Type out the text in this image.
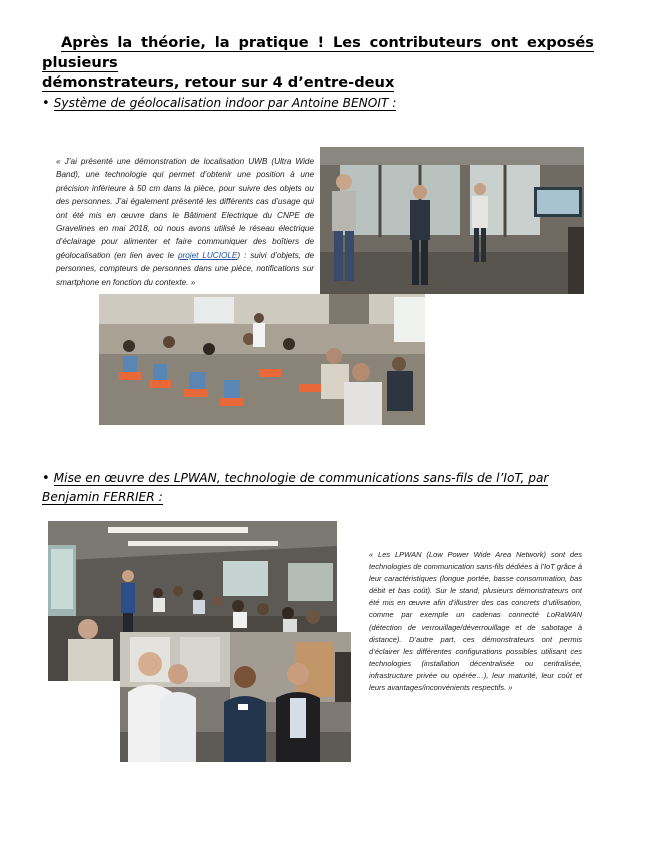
Après la théorie, la pratique ! Les contributeurs ont exposés plusieurs
démonstrateurs, retour sur 4 d’entre-deux
• Système de géolocalisation indoor par Antoine BENOIT :
« J’ai présenté une démonstration de localisation UWB (Ultra Wide Band), une technologie qui permet d’obtenir une position à une précision inférieure à 50 cm dans la pièce, pour suivre des objets ou des personnes. J’ai également présenté les différents cas d’usage qui ont été mis en œuvre dans le Bâtiment Electrique du CNPE de Gravelines en mai 2018, où nous avons utilisé le réseau électrique d’éclairage pour alimenter et faire communiquer des boîtiers de géolocalisation (en lien avec le projet LUCIOLE) : suivi d’objets, de personnes, compteurs de personnes dans une pièce, notifications sur smartphone en fonction du contexte. »
• Mise en œuvre des LPWAN, technologie de communications sans-fils de l’IoT, par
Benjamin FERRIER :
« Les LPWAN (Low Power Wide Area Network) sont des technologies de communication sans-fils dédiées à l’IoT grâce à leur caractéristiques (longue portée, basse consommation, bas débit et bas coût). Sur le stand, plusieurs démonstrateurs ont été mis en œuvre afin d’illustrer des cas concrets d’utilisation, comme par exemple un cadenas connecté LoRaWAN (détection de verrouillage/déverrouillage et de sabotage à distance). D’autre part, ces démonstrateurs ont permis d’éclairer les différentes configurations possibles utilisant ces technologies (installation décentralisée ou centralisée, infrastructure privée ou opérée…), leur maturité, leur coût et leurs avantages/inconvénients respectifs. »
